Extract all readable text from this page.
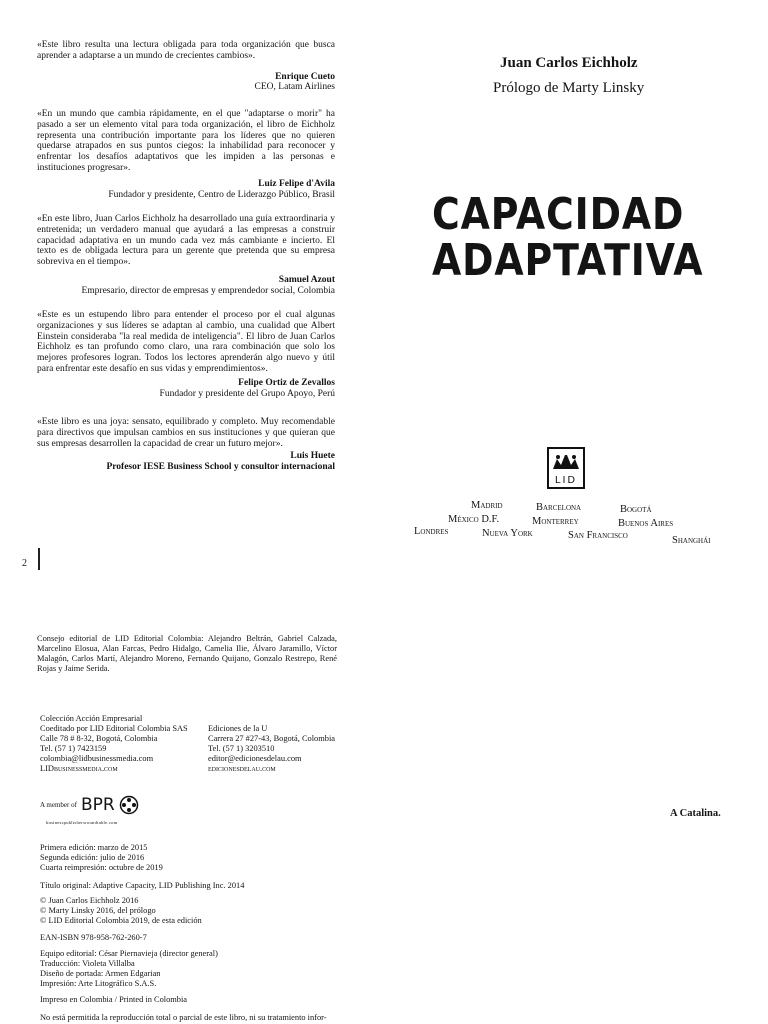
«Este libro resulta una lectura obligada para toda organización que busca aprender a adaptarse a un mundo de crecientes cambios».
Enrique Cueto
CEO, Latam Airlines
«En un mundo que cambia rápidamente, en el que "adaptarse o morir" ha pasado a ser un elemento vital para toda organización, el libro de Eichholz representa una contribución importante para los líderes que no quieren quedarse atrapados en sus puntos ciegos: la inhabilidad para reconocer y enfrentar los desafíos adaptativos que les impiden a las personas e instituciones progresar».
Luiz Felipe d'Avila
Fundador y presidente, Centro de Liderazgo Público, Brasil
«En este libro, Juan Carlos Eichholz ha desarrollado una guía extraordinaria y entretenida; un verdadero manual que ayudará a las empresas a construir capacidad adaptativa en un mundo cada vez más cambiante e incierto. El texto es de obligada lectura para un gerente que pretenda que su empresa sobreviva en el tiempo».
Samuel Azout
Empresario, director de empresas y emprendedor social, Colombia
«Este es un estupendo libro para entender el proceso por el cual algunas organizaciones y sus líderes se adaptan al cambio, una cualidad que Albert Einstein consideraba "la real medida de inteligencia". El libro de Juan Carlos Eichholz es tan profundo como claro, una rara combinación que solo los mejores profesores logran. Todos los lectores aprenderán algo nuevo y útil para enfrentar este desafío en sus vidas y emprendimientos».
Felipe Ortiz de Zevallos
Fundador y presidente del Grupo Apoyo, Perú
«Este libro es una joya: sensato, equilibrado y completo. Muy recomendable para directivos que impulsan cambios en sus instituciones y que quieran que sus empresas desarrollen la capacidad de crear un futuro mejor».
Luis Huete
Profesor IESE Business School y consultor internacional
2
Juan Carlos Eichholz
Prólogo de Marty Linsky
CAPACIDAD
ADAPTATIVA
LID
Madrid	Barcelona	Bogotá
México D.F.	Monterrey	Buenos Aires
Londres	Nueva York	San Francisco	Shanghái
Consejo editorial de LID Editorial Colombia: Alejandro Beltrán, Gabriel Calzada, Marcelino Elosua, Alan Farcas, Pedro Hidalgo, Camelia Ilie, Álvaro Jaramillo, Víctor Malagón, Carlos Martí, Alejandro Moreno, Fernando Quijano, Gonzalo Restrepo, René Rojas y Jaime Serida.
Colección Acción Empresarial
Coeditado por LID Editorial Colombia SAS
Calle 78 # 8-32, Bogotá, Colombia
Tel. (57 1) 7423159
colombia@lidbusinessmedia.com
LIDbusinessmedia.com
Ediciones de la U
Carrera 27 #27-43, Bogotá, Colombia
Tel. (57 1) 3203510
editor@edicionesdelau.com
edicionesdelau.com
A member of BPR
businesspublishersroundtable.com
Primera edición: marzo de 2015
Segunda edición: julio de 2016
Cuarta reimpresión: octubre de 2019
Título original: Adaptive Capacity, LID Publishing Inc. 2014
© Juan Carlos Eichholz 2016
© Marty Linsky 2016, del prólogo
© LID Editorial Colombia 2019, de esta edición
EAN-ISBN 978-958-762-260-7
Equipo editorial: César Piernavieja (director general)
Traducción: Violeta Villalba
Diseño de portada: Armen Edgarian
Impresión: Arte Litográfico S.A.S.
Impreso en Colombia / Printed in Colombia
No está permitida la reproducción total o parcial de este libro, ni su tratamiento infor-
A Catalina.
